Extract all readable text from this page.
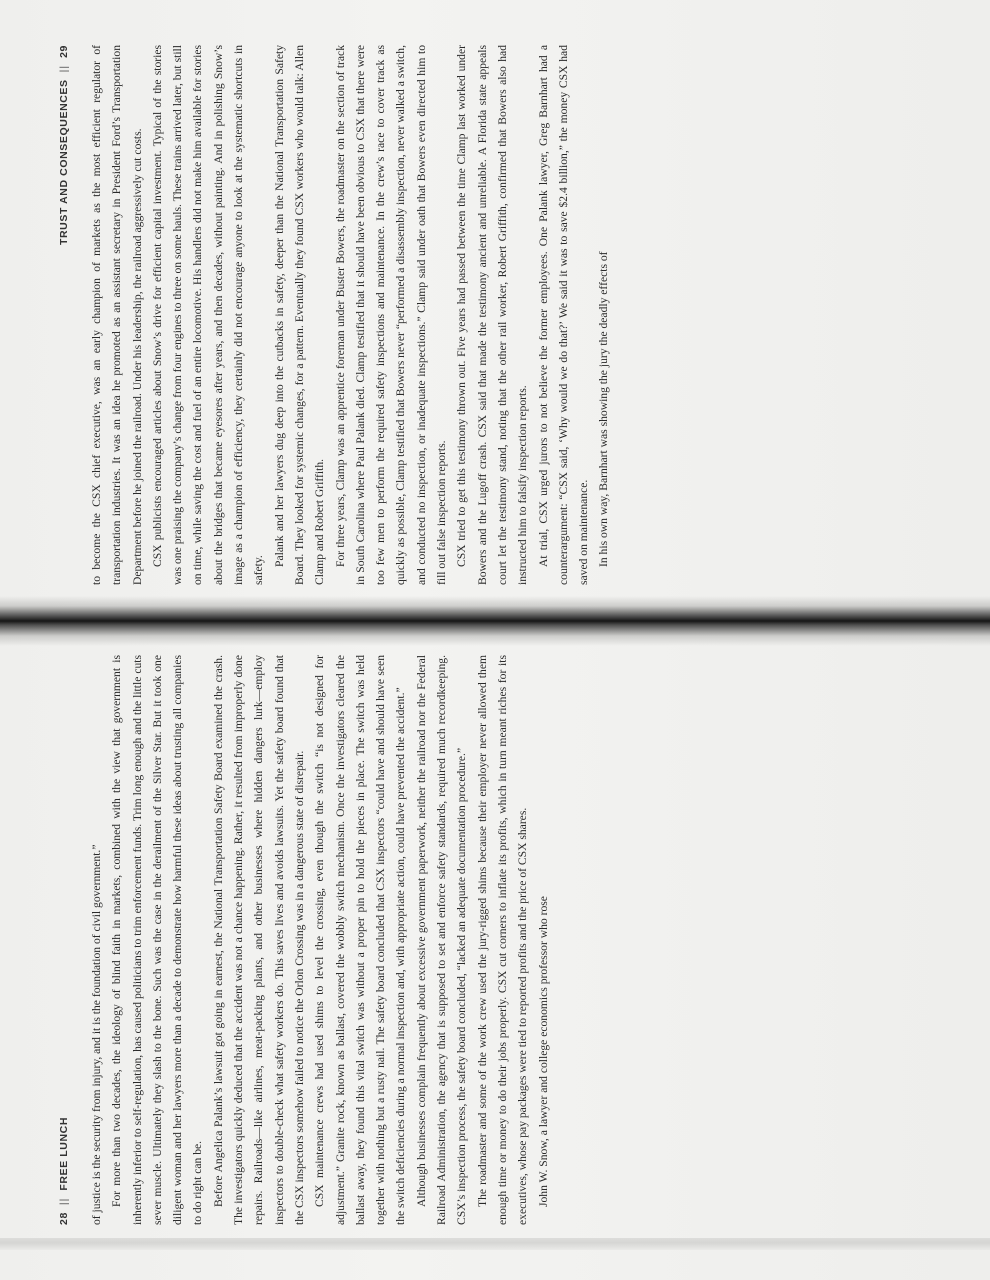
TRUST AND CONSEQUENCES
||
29 to become the CSX chief executive, was an early champion of markets as the most efficient regulator of transportation industries. It was an idea he promoted as an assistant secretary in President Ford’s Transportation Department before he joined the railroad. Under his leadership, the railroad aggressively cut costs. CSX publicists encouraged articles about Snow’s drive for efficient capital investment. Typical of the stories was one praising the company’s change from four engines to three on some hauls. These trains arrived later, but still on time, while saving the cost and fuel of an entire locomotive. His handlers did not make him available for stories about the bridges that became eyesores after years, and then decades, without painting. And in polishing Snow’s image as a champion of efficiency, they certainly did not encourage anyone to look at the systematic shortcuts in safety.

Palank and her lawyers dug deep into the cutbacks in safety, deeper than the National Transportation Safety Board. They looked for systemic changes, for a pattern. Eventually they found CSX workers who would talk: Allen Clamp and Robert Griffith. For three years, Clamp was an apprentice foreman under Buster Bowers, the roadmaster on the section of track in South Carolina where Paul Palank died. Clamp testified that it should have been obvious to CSX that there were too few men to perform the required safety inspections and maintenance. In the crew’s race to cover track as quickly as possible, Clamp testified that Bowers never “performed a disassembly inspection, never walked a switch, and conducted no inspection, or inadequate inspections.” Clamp said under oath that Bowers even directed him to fill out false inspection reports. CSX tried to get this testimony thrown out. Five years had passed between the time Clamp last worked under Bowers and the Lugoff crash. CSX said that made the testimony ancient and unreliable. A Florida state appeals court let the testimony stand, noting that the other rail worker, Robert Griffith, confirmed that Bowers also had instructed him to falsify inspection reports. At trial, CSX urged jurors to not believe the former employees. One Palank lawyer, Greg Barnhart had a counterargument: “CSX said, ‘Why would we do that?’ We said it was to save $2.4 billion,” the money CSX had saved on maintenance. In his own way, Barnhart was showing the jury the deadly effects of

28
||
FREE LUNCH of justice is the security from injury, and it is the foundation of civil government.” For more than two decades, the ideology of blind faith in markets, combined with the view that government is inherently inferior to self-regulation, has caused politicians to trim enforcement funds. Trim long enough and the little cuts sever muscle. Ultimately they slash to the bone. Such was the case in the derailment of the Silver Star. But it took one diligent woman and her lawyers more than a decade to demonstrate how harmful these ideas about trusting all companies to do right can be. Before Angelica Palank’s lawsuit got going in earnest, the National Transportation Safety Board examined the crash. The investigators quickly deduced that the accident was not a chance happening. Rather, it resulted from improperly done repairs. Railroads—like airlines, meat-packing plants, and other businesses where hidden dangers lurk—employ inspectors to double-check what safety workers do. This saves lives and avoids lawsuits. Yet the safety board found that the CSX inspectors somehow failed to notice the Orlon Crossing was in a dangerous state of disrepair. CSX maintenance crews had used shims to level the crossing, even though the switch “is not designed for adjustment.” Granite rock, known as ballast, covered the wobbly switch mechanism. Once the investigators cleared the ballast away, they found this vital switch was without a proper pin to hold the pieces in place. The switch was held together with nothing but a rusty nail. The safety board concluded that CSX inspectors “could have and should have seen the switch deficiencies during a normal inspection and, with appropriate action, could have prevented the accident.” Although businesses complain frequently about excessive government paperwork, neither the railroad nor the Federal Railroad Administration, the agency that is supposed to set and enforce safety standards, required much recordkeeping. CSX’s inspection process, the safety board concluded, “lacked an adequate documentation procedure.” The roadmaster and some of the work crew used the jury-rigged shims because their employer never allowed them enough time or money to do their jobs properly. CSX cut corners to inflate its profits, which in turn meant riches for its executives, whose pay packages were tied to reported profits and the price of CSX shares. John W. Snow, a lawyer and college economics professor who rose
